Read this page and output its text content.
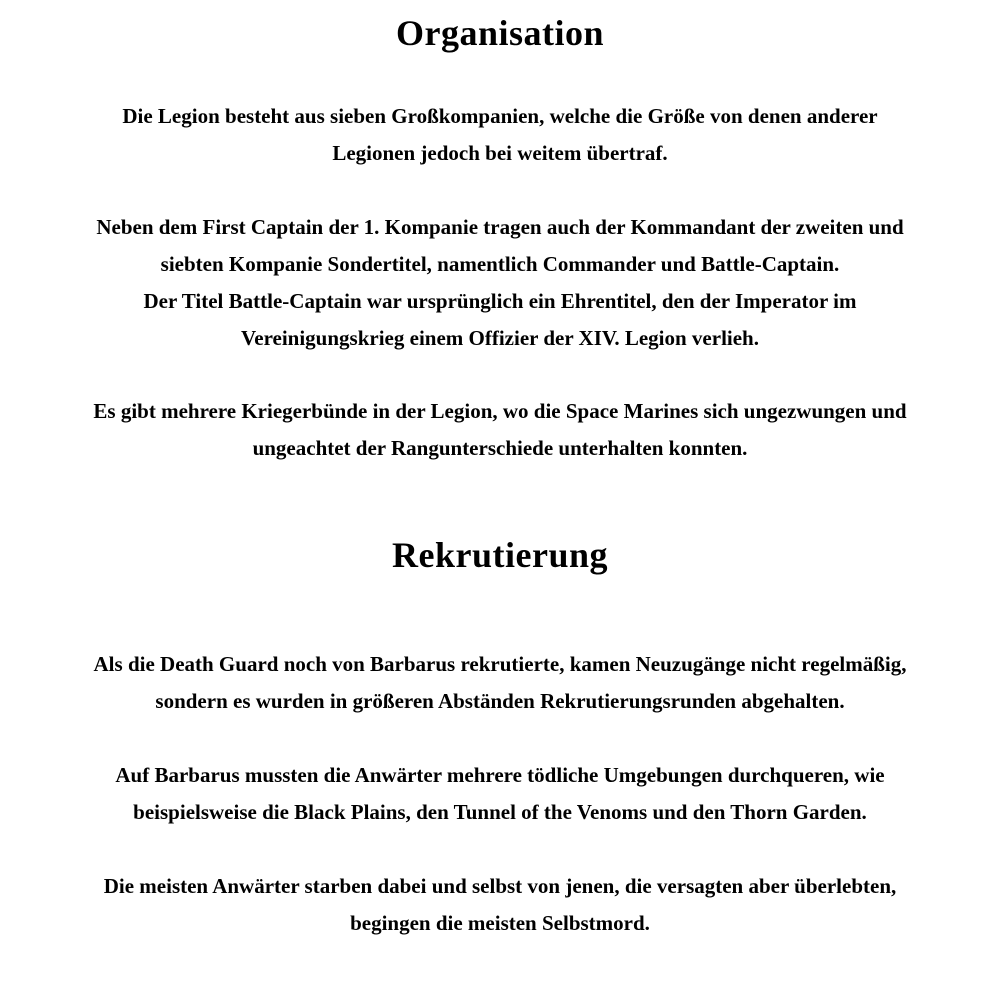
Organisation

Die Legion besteht aus sieben Großkompanien, welche die Größe von denen anderer
Legionen jedoch bei weitem übertraf.

Neben dem First Captain der 1. Kompanie tragen auch der Kommandant der zweiten und
siebten Kompanie Sondertitel, namentlich Commander und Battle-Captain.
Der Titel Battle-Captain war ursprünglich ein Ehrentitel, den der Imperator im
Vereinigungskrieg einem Offizier der XIV. Legion verlieh.

Es gibt mehrere Kriegerbünde in der Legion, wo die Space Marines sich ungezwungen und
ungeachtet der Rangunterschiede unterhalten konnten.

Rekrutierung

Als die Death Guard noch von Barbarus rekrutierte, kamen Neuzugänge nicht regelmäßig,
sondern es wurden in größeren Abständen Rekrutierungsrunden abgehalten.

Auf Barbarus mussten die Anwärter mehrere tödliche Umgebungen durchqueren, wie
beispielsweise die Black Plains, den Tunnel of the Venoms und den Thorn Garden.

Die meisten Anwärter starben dabei und selbst von jenen, die versagten aber überlebten,
begingen die meisten Selbstmord.
